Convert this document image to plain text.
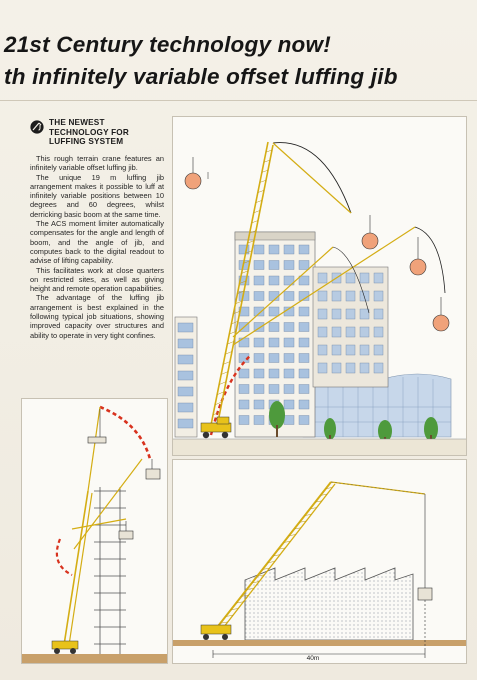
21st Century technology now!
th infinitely variable offset luffing jib
THE NEWEST
TECHNOLOGY FOR
LUFFING SYSTEM

This rough terrain crane features an infinitely variable offset luffing jib.

The unique 19 m luffing jib arrangement makes it possible to luff at infinitely variable positions between 10 degrees and 60 degrees, whilst derricking basic boom at the same time.

The ACS moment limiter automatically compensates for the angle and length of boom, and the angle of jib, and computes back to the digital readout to advise of lifting capability.

This facilitates work at close quarters on restricted sites, as well as giving height and remote operation capabilities.

The advantage of the luffing jib arrangement is best explained in the following typical job situations, showing improved capacity over structures and ability to operate in very tight confines.

40m
